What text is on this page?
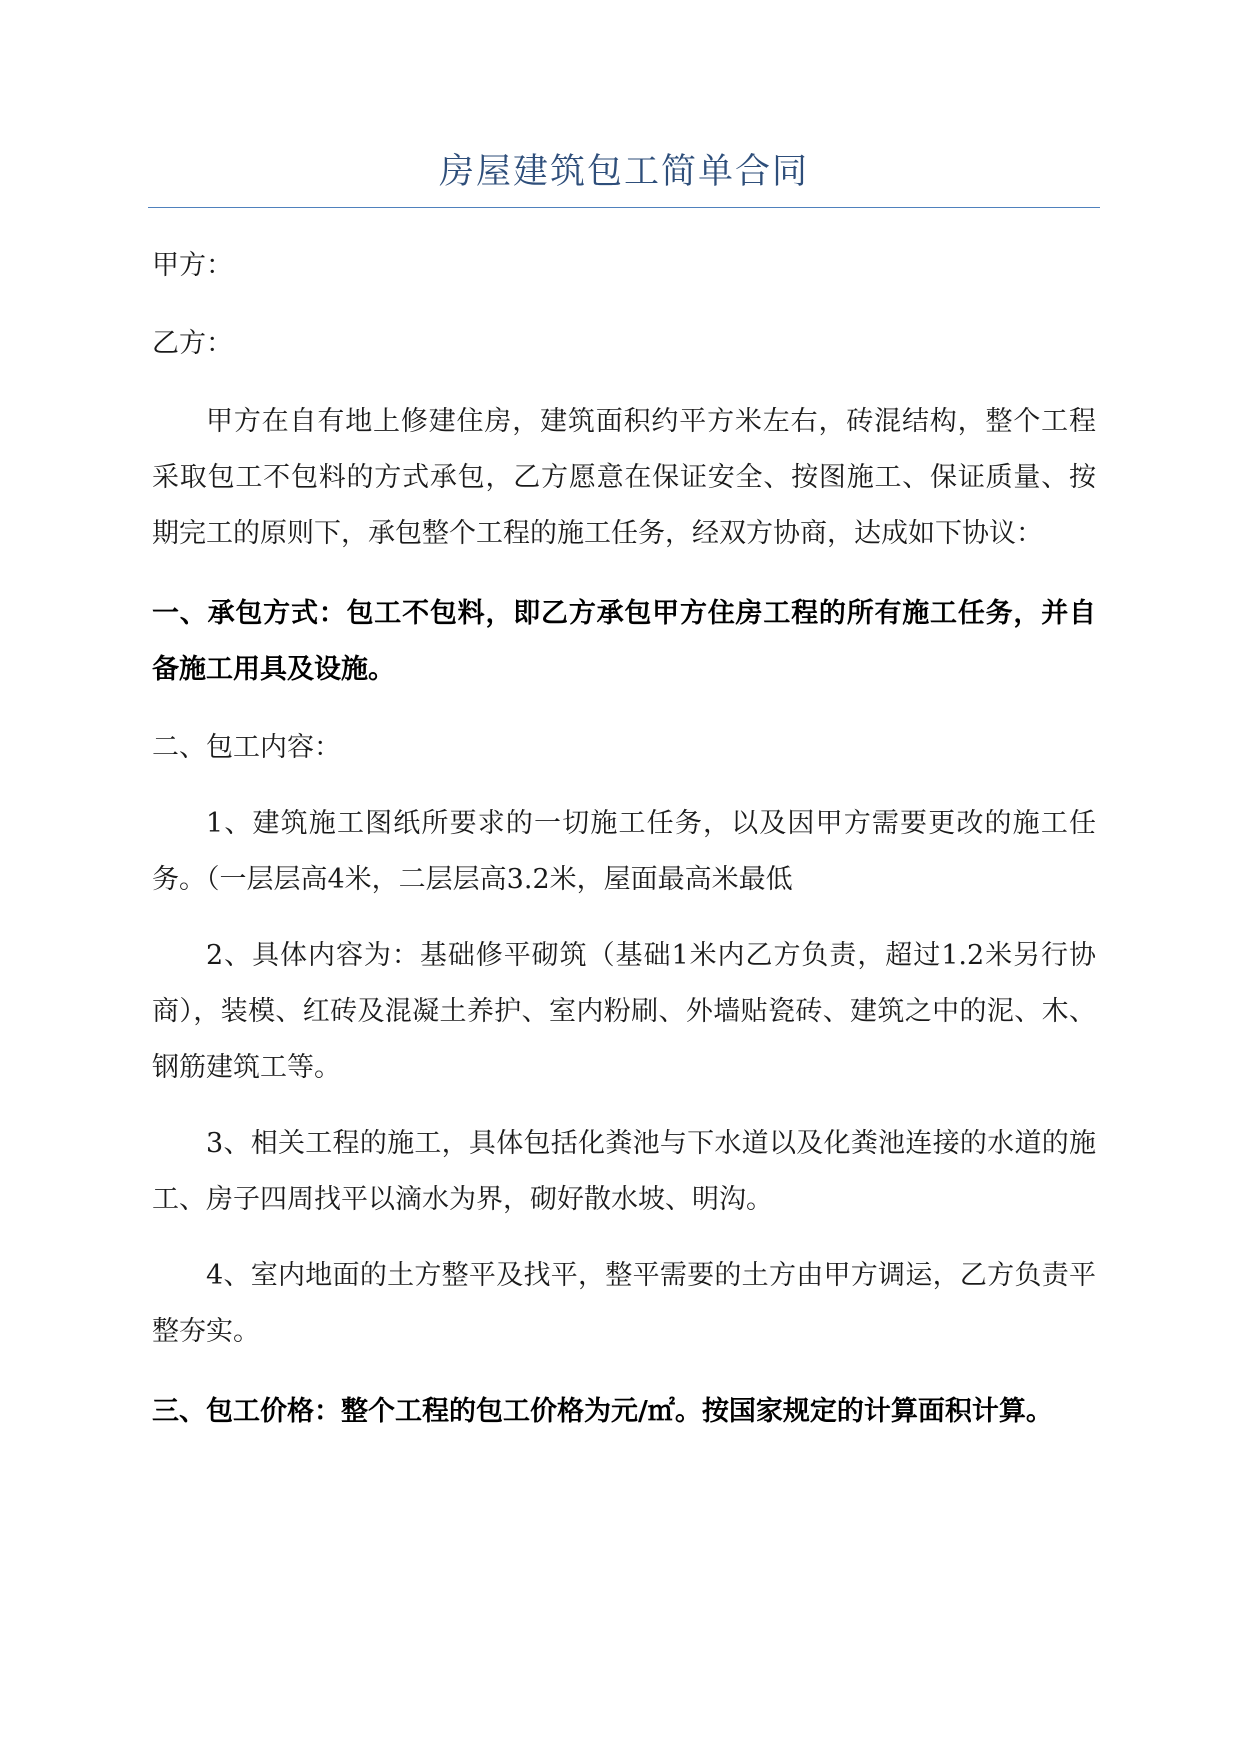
房屋建筑包工简单合同

甲方：

乙方：

甲方在自有地上修建住房，建筑面积约平方米左右，砖混结构，整个工程采取包工不包料的方式承包，乙方愿意在保证安全、按图施工、保证质量、按期完工的原则下，承包整个工程的施工任务，经双方协商，达成如下协议：

一、承包方式：包工不包料，即乙方承包甲方住房工程的所有施工任务，并自备施工用具及设施。

二、包工内容：

1、建筑施工图纸所要求的一切施工任务，以及因甲方需要更改的施工任务。（一层层高4米，二层层高3.2米，屋面最高米最低

2、具体内容为：基础修平砌筑（基础1米内乙方负责，超过1.2米另行协商），装模、红砖及混凝土养护、室内粉刷、外墙贴瓷砖、建筑之中的泥、木、钢筋建筑工等。

3、相关工程的施工，具体包括化粪池与下水道以及化粪池连接的水道的施工、房子四周找平以滴水为界，砌好散水坡、明沟。

4、室内地面的土方整平及找平，整平需要的土方由甲方调运，乙方负责平整夯实。

三、包工价格：整个工程的包工价格为元/㎡。按国家规定的计算面积计算。
